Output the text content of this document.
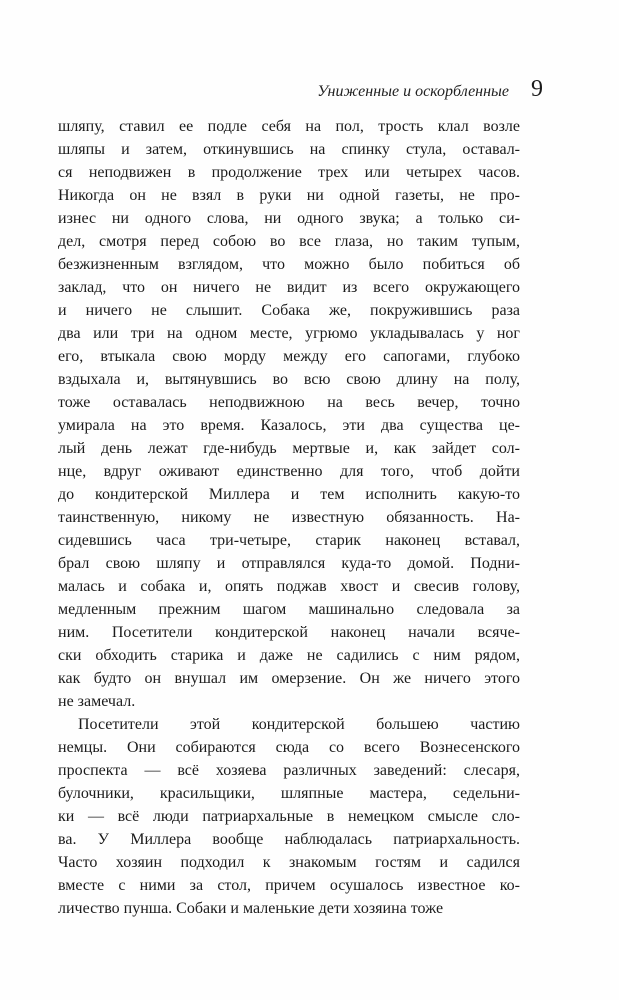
Униженные и оскорбленные 9
шляпу, ставил ее подле себя на пол, трость клал возле
шляпы и затем, откинувшись на спинку стула, оставал-
ся неподвижен в продолжение трех или четырех часов.
Никогда он не взял в руки ни одной газеты, не про-
изнес ни одного слова, ни одного звука; а только си-
дел, смотря перед собою во все глаза, но таким тупым,
безжизненным взглядом, что можно было побиться об
заклад, что он ничего не видит из всего окружающего
и ничего не слышит. Собака же, покружившись раза
два или три на одном месте, угрюмо укладывалась у ног
его, втыкала свою морду между его сапогами, глубоко
вздыхала и, вытянувшись во всю свою длину на полу,
тоже оставалась неподвижною на весь вечер, точно
умирала на это время. Казалось, эти два существа це-
лый день лежат где-нибудь мертвые и, как зайдет сол-
нце, вдруг оживают единственно для того, чтоб дойти
до кондитерской Миллера и тем исполнить какую-то
таинственную, никому не известную обязанность. На-
сидевшись часа три-четыре, старик наконец вставал,
брал свою шляпу и отправлялся куда-то домой. Подни-
малась и собака и, опять поджав хвост и свесив голову,
медленным прежним шагом машинально следовала за
ним. Посетители кондитерской наконец начали всяче-
ски обходить старика и даже не садились с ним рядом,
как будто он внушал им омерзение. Он же ничего этого
не замечал.
Посетители этой кондитерской большею частию
немцы. Они собираются сюда со всего Вознесенского
проспекта — всё хозяева различных заведений: слесаря,
булочники, красильщики, шляпные мастера, седельни-
ки — всё люди патриархальные в немецком смысле сло-
ва. У Миллера вообще наблюдалась патриархальность.
Часто хозяин подходил к знакомым гостям и садился
вместе с ними за стол, причем осушалось известное ко-
личество пунша. Собаки и маленькие дети хозяина тоже
